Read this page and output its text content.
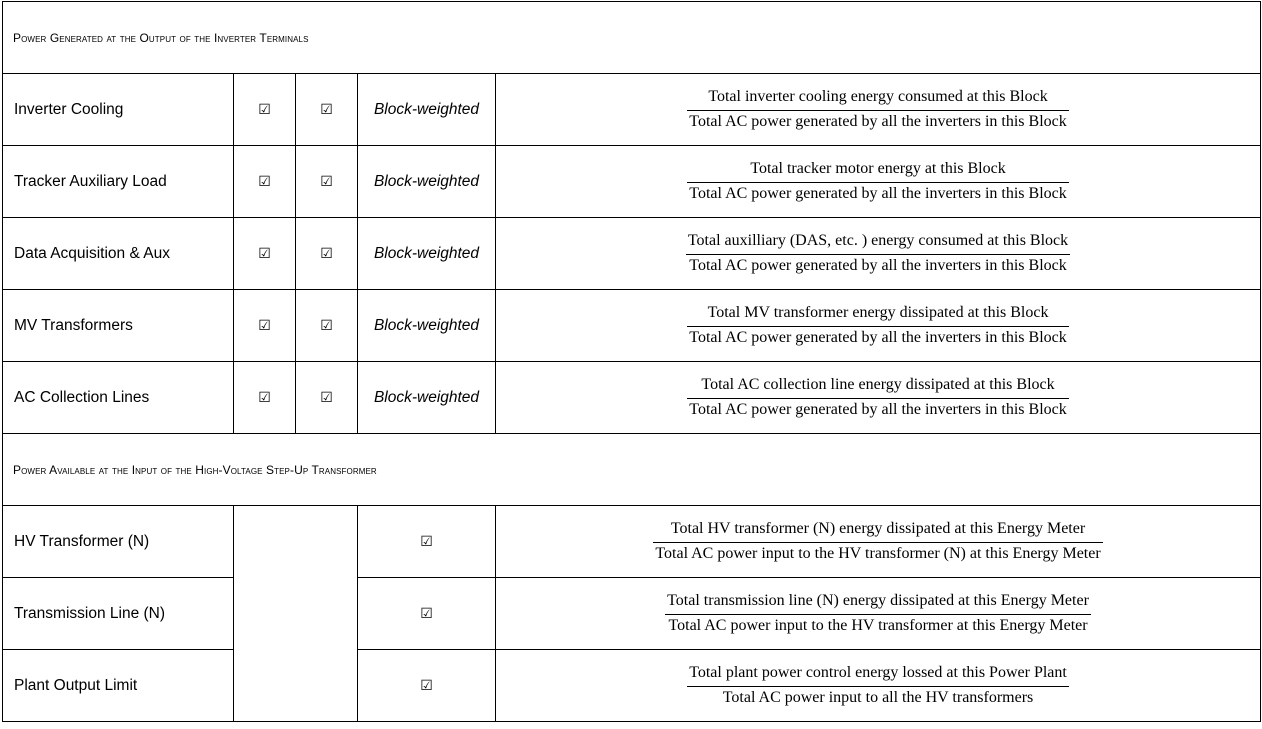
Power Generated at the Output of the Inverter Terminals				
Inverter Cooling	☑	☑	Block-weighted	$\frac{\text{Total inverter cooling energy consumed at this Block}}{\text{Total AC power generated by all the inverters in this Block}}$

Tracker Auxiliary Load	☑	☑	Block-weighted	$\frac{\text{Total tracker motor energy at this Block}}{\text{Total AC power generated by all the inverters in this Block}}$

Data Acquisition & Aux	☑	☑	Block-weighted	$\frac{\text{Total auxilliary (DAS, etc. ) energy consumed at this Block}}{\text{Total AC power generated by all the inverters in this Block}}$

MV Transformers	☑	☑	Block-weighted	$\frac{\text{Total MV transformer energy dissipated at this Block}}{\text{Total AC power generated by all the inverters in this Block}}$

AC Collection Lines	☑	☑	Block-weighted	$\frac{\text{Total AC collection line energy dissipated at this Block}}{\text{Total AC power generated by all the inverters in this Block}}$

Power Available at the Input of the High-Voltage Step-Up Transformer				
HV Transformer (N)			☑	Total HV transformer (N) energy dissipated at this Energy Meter
Total AC power input to the HV transformer (N) at this Energy Meter

Transmission Line (N)			☑	Total transmission line (N) energy dissipated at this Energy Meter
Total AC power input to the HV transformer at this Energy Meter

Plant Output Limit			☑	$\frac{\text{Total plant power control energy lossed at this Power Plant}}{\text{Total AC power input to all the HV transformers}}$
